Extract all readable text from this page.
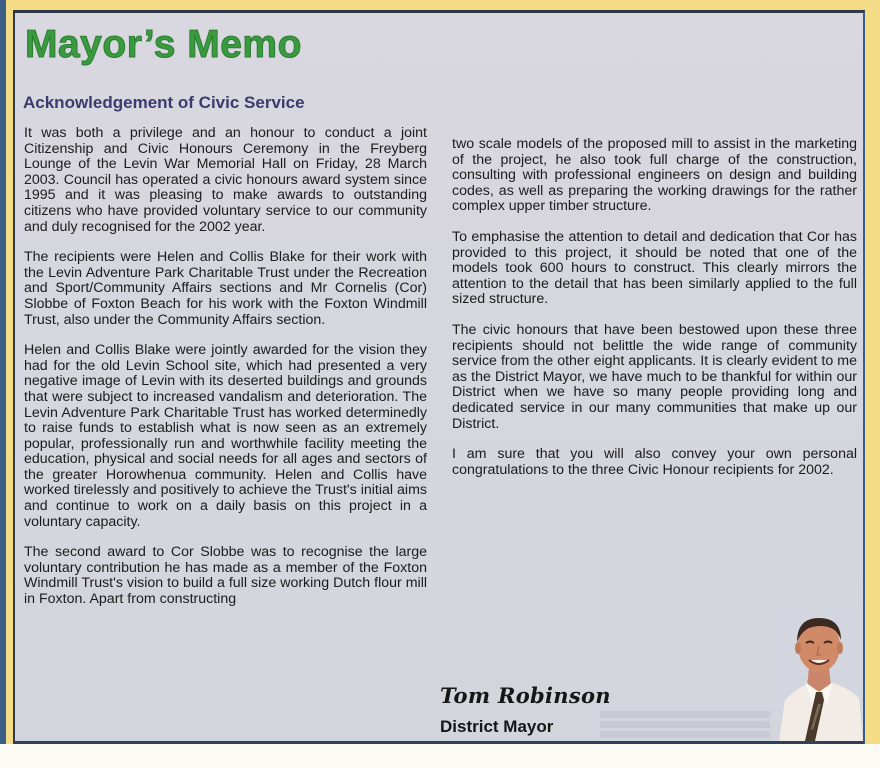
Mayor’s Memo
Acknowledgement of Civic Service

It was both a privilege and an honour to conduct a joint Citizenship and Civic Honours Ceremony in the Freyberg Lounge of the Levin War Memorial Hall on Friday, 28 March 2003. Council has operated a civic honours award system since 1995 and it was pleasing to make awards to outstanding citizens who have provided voluntary service to our community and duly recognised for the 2002 year.

The recipients were Helen and Collis Blake for their work with the Levin Adventure Park Charitable Trust under the Recreation and Sport/Community Affairs sections and Mr Cornelis (Cor) Slobbe of Foxton Beach for his work with the Foxton Windmill Trust, also under the Community Affairs section.

Helen and Collis Blake were jointly awarded for the vision they had for the old Levin School site, which had presented a very negative image of Levin with its deserted buildings and grounds that were subject to increased vandalism and deterioration. The Levin Adventure Park Charitable Trust has worked determinedly to raise funds to establish what is now seen as an extremely popular, professionally run and worthwhile facility meeting the education, physical and social needs for all ages and sectors of the greater Horowhenua community. Helen and Collis have worked tirelessly and positively to achieve the Trust's initial aims and continue to work on a daily basis on this project in a voluntary capacity.

The second award to Cor Slobbe was to recognise the large voluntary contribution he has made as a member of the Foxton Windmill Trust's vision to build a full size working Dutch flour mill in Foxton. Apart from constructing

two scale models of the proposed mill to assist in the marketing of the project, he also took full charge of the construction, consulting with professional engineers on design and building codes, as well as preparing the working drawings for the rather complex upper timber structure.

To emphasise the attention to detail and dedication that Cor has provided to this project, it should be noted that one of the models took 600 hours to construct. This clearly mirrors the attention to the detail that has been similarly applied to the full sized structure.

The civic honours that have been bestowed upon these three recipients should not belittle the wide range of community service from the other eight applicants. It is clearly evident to me as the District Mayor, we have much to be thankful for within our District when we have so many people providing long and dedicated service in our many communities that make up our District.

I am sure that you will also convey your own personal congratulations to the three Civic Honour recipients for 2002.

Tom Robinson
District Mayor
